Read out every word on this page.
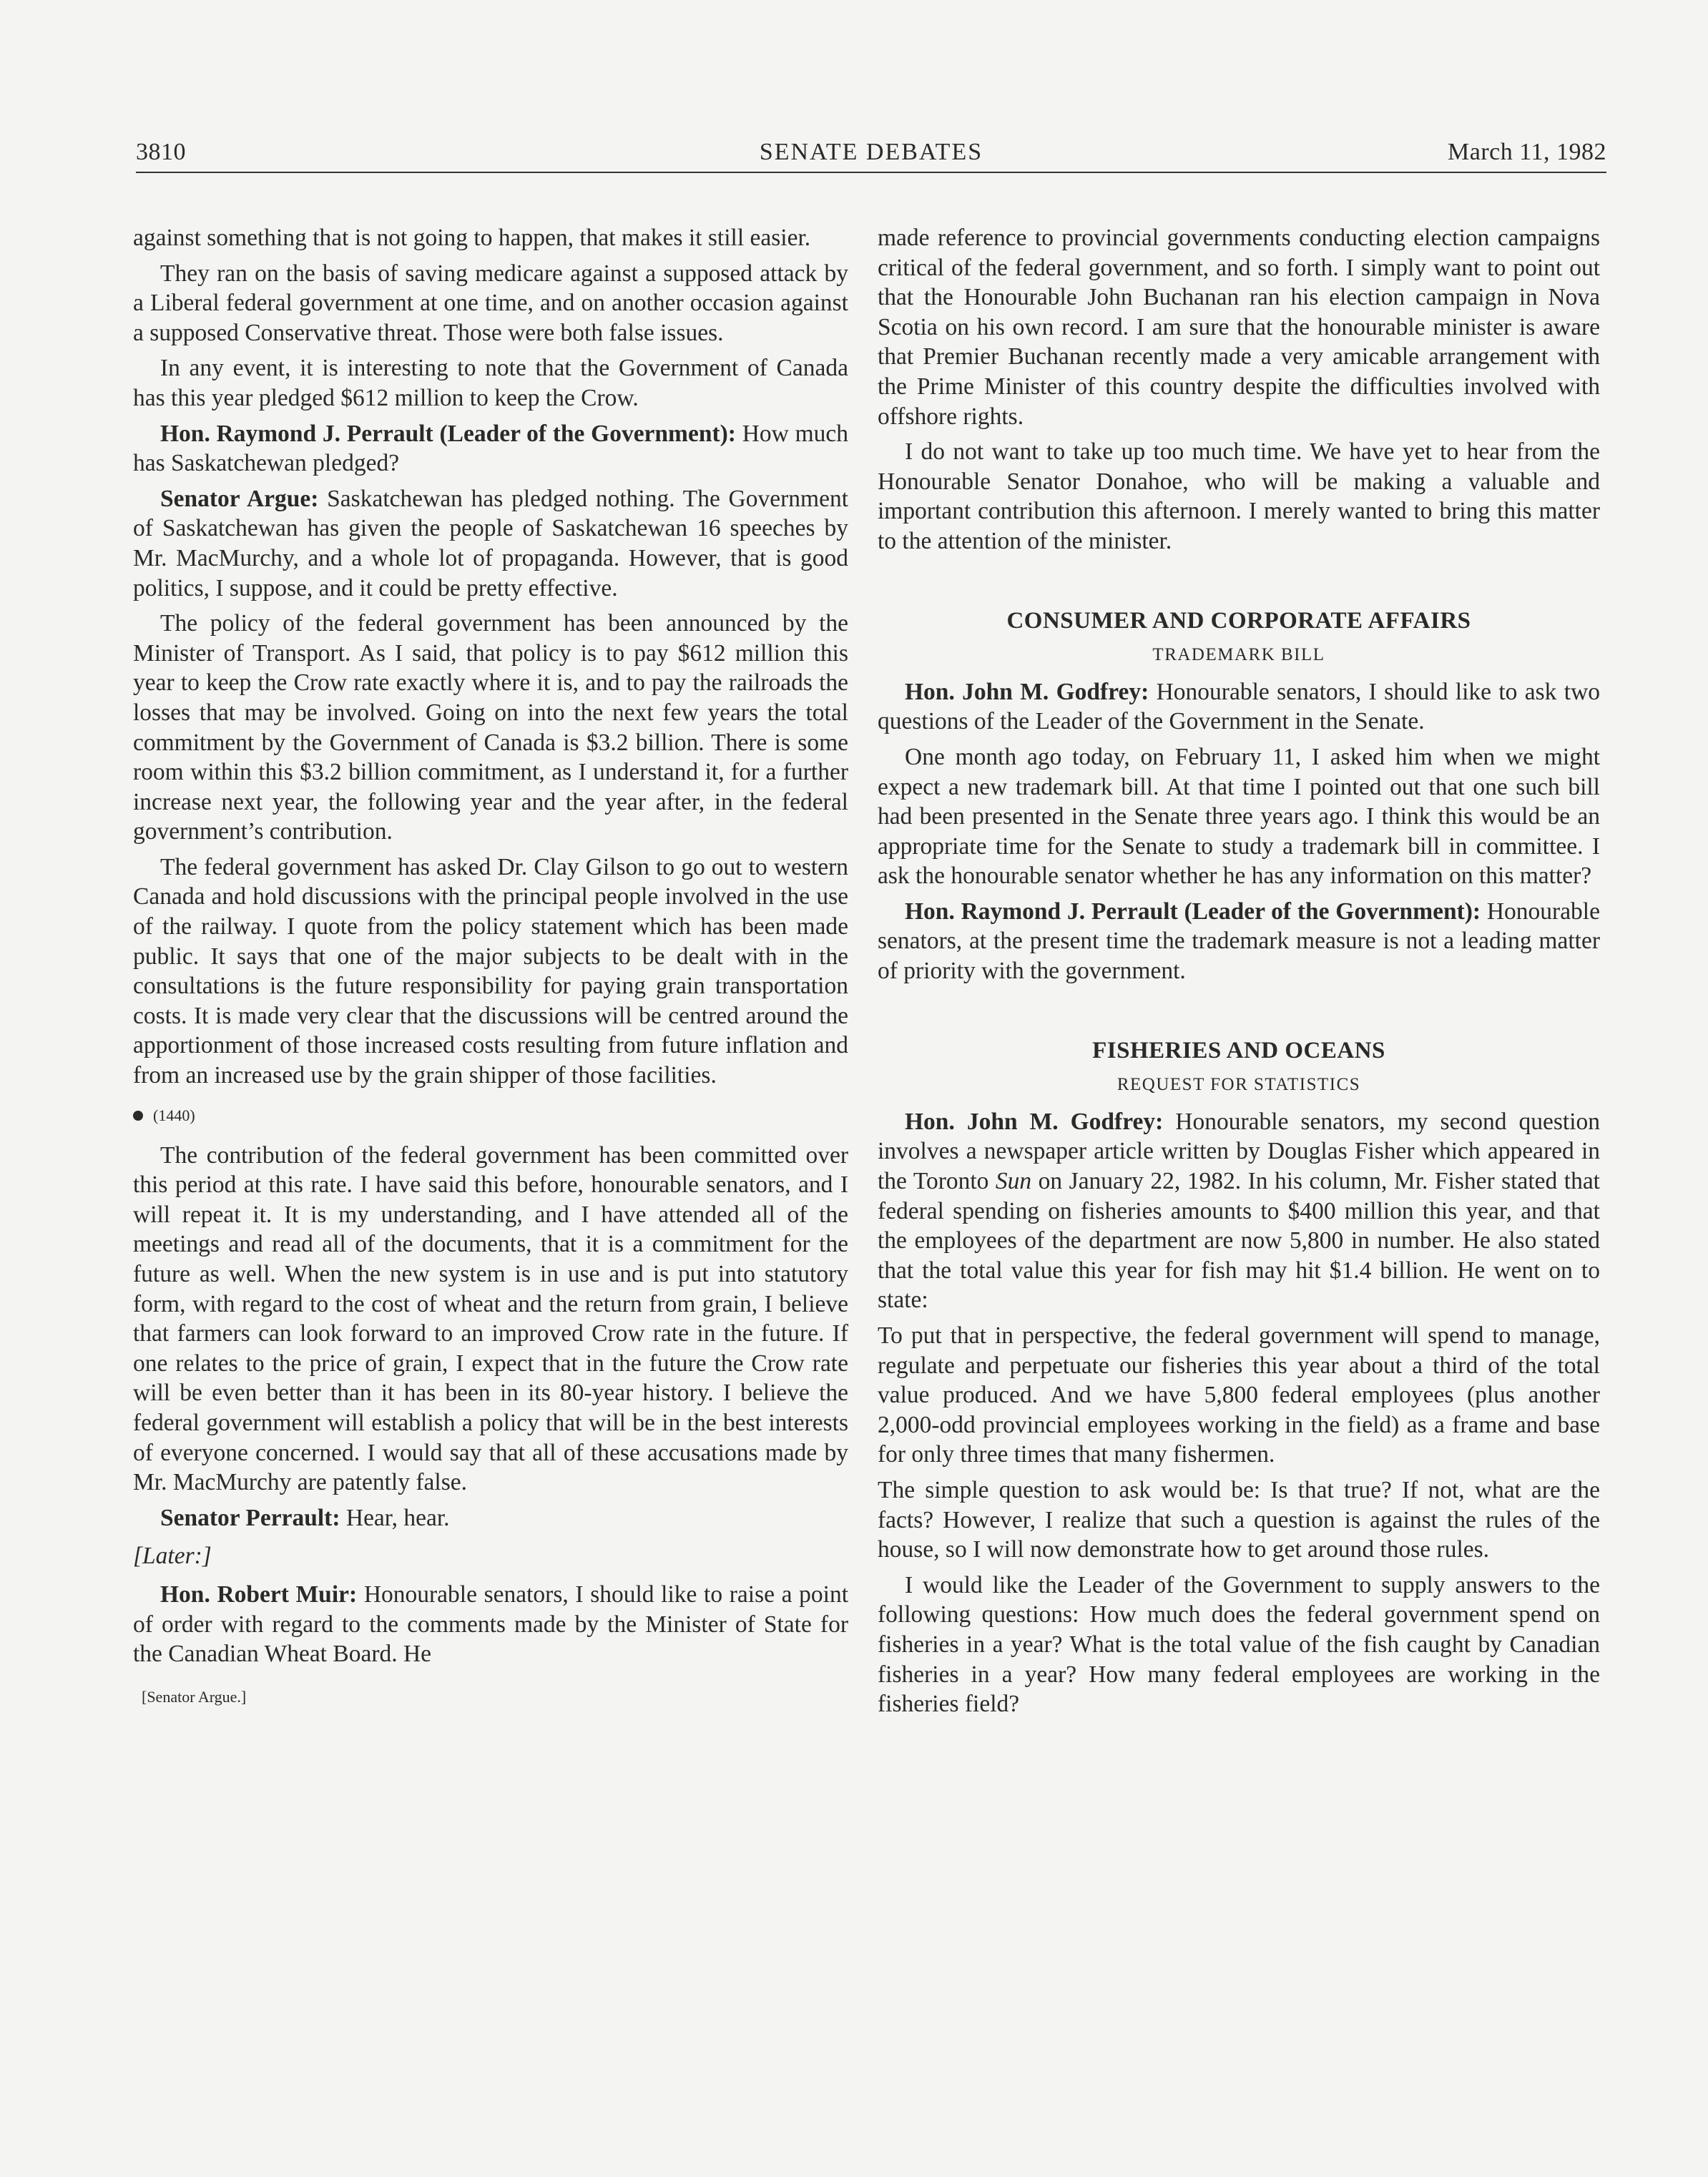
SENATE DEBATES
3810	March 11, 1982

against something that is not going to happen, that makes it still easier.

They ran on the basis of saving medicare against a supposed attack by a Liberal federal government at one time, and on another occasion against a supposed Conservative threat. Those were both false issues.

In any event, it is interesting to note that the Government of Canada has this year pledged $612 million to keep the Crow.

Hon. Raymond J. Perrault (Leader of the Government): How much has Saskatchewan pledged?

Senator Argue: Saskatchewan has pledged nothing. The Government of Saskatchewan has given the people of Saskatchewan 16 speeches by Mr. MacMurchy, and a whole lot of propaganda. However, that is good politics, I suppose, and it could be pretty effective.

The policy of the federal government has been announced by the Minister of Transport. As I said, that policy is to pay $612 million this year to keep the Crow rate exactly where it is, and to pay the railroads the losses that may be involved. Going on into the next few years the total commitment by the Government of Canada is $3.2 billion. There is some room within this $3.2 billion commitment, as I understand it, for a further increase next year, the following year and the year after, in the federal government’s contribution.

The federal government has asked Dr. Clay Gilson to go out to western Canada and hold discussions with the principal people involved in the use of the railway. I quote from the policy statement which has been made public. It says that one of the major subjects to be dealt with in the consultations is the future responsibility for paying grain transportation costs. It is made very clear that the discussions will be centred around the apportionment of those increased costs resulting from future inflation and from an increased use by the grain shipper of those facilities.

(1440)

The contribution of the federal government has been committed over this period at this rate. I have said this before, honourable senators, and I will repeat it. It is my understanding, and I have attended all of the meetings and read all of the documents, that it is a commitment for the future as well. When the new system is in use and is put into statutory form, with regard to the cost of wheat and the return from grain, I believe that farmers can look forward to an improved Crow rate in the future. If one relates to the price of grain, I expect that in the future the Crow rate will be even better than it has been in its 80-year history. I believe the federal government will establish a policy that will be in the best interests of everyone concerned. I would say that all of these accusations made by Mr. MacMurchy are patently false.

Senator Perrault: Hear, hear.

[Later:]

Hon. Robert Muir: Honourable senators, I should like to raise a point of order with regard to the comments made by the Minister of State for the Canadian Wheat Board. He

[Senator Argue.]

made reference to provincial governments conducting election campaigns critical of the federal government, and so forth. I simply want to point out that the Honourable John Buchanan ran his election campaign in Nova Scotia on his own record. I am sure that the honourable minister is aware that Premier Buchanan recently made a very amicable arrangement with the Prime Minister of this country despite the difficulties involved with offshore rights.

I do not want to take up too much time. We have yet to hear from the Honourable Senator Donahoe, who will be making a valuable and important contribution this afternoon. I merely wanted to bring this matter to the attention of the minister.

CONSUMER AND CORPORATE AFFAIRS
TRADEMARK BILL

Hon. John M. Godfrey: Honourable senators, I should like to ask two questions of the Leader of the Government in the Senate.

One month ago today, on February 11, I asked him when we might expect a new trademark bill. At that time I pointed out that one such bill had been presented in the Senate three years ago. I think this would be an appropriate time for the Senate to study a trademark bill in committee. I ask the honourable senator whether he has any information on this matter?

Hon. Raymond J. Perrault (Leader of the Government): Honourable senators, at the present time the trademark measure is not a leading matter of priority with the government.

FISHERIES AND OCEANS
REQUEST FOR STATISTICS

Hon. John M. Godfrey: Honourable senators, my second question involves a newspaper article written by Douglas Fisher which appeared in the Toronto Sun on January 22, 1982. In his column, Mr. Fisher stated that federal spending on fisheries amounts to $400 million this year, and that the employees of the department are now 5,800 in number. He also stated that the total value this year for fish may hit $1.4 billion. He went on to state:

To put that in perspective, the federal government will spend to manage, regulate and perpetuate our fisheries this year about a third of the total value produced. And we have 5,800 federal employees (plus another 2,000-odd provincial employees working in the field) as a frame and base for only three times that many fishermen.

The simple question to ask would be: Is that true? If not, what are the facts? However, I realize that such a question is against the rules of the house, so I will now demonstrate how to get around those rules.

I would like the Leader of the Government to supply answers to the following questions: How much does the federal government spend on fisheries in a year? What is the total value of the fish caught by Canadian fisheries in a year? How many federal employees are working in the fisheries field?
